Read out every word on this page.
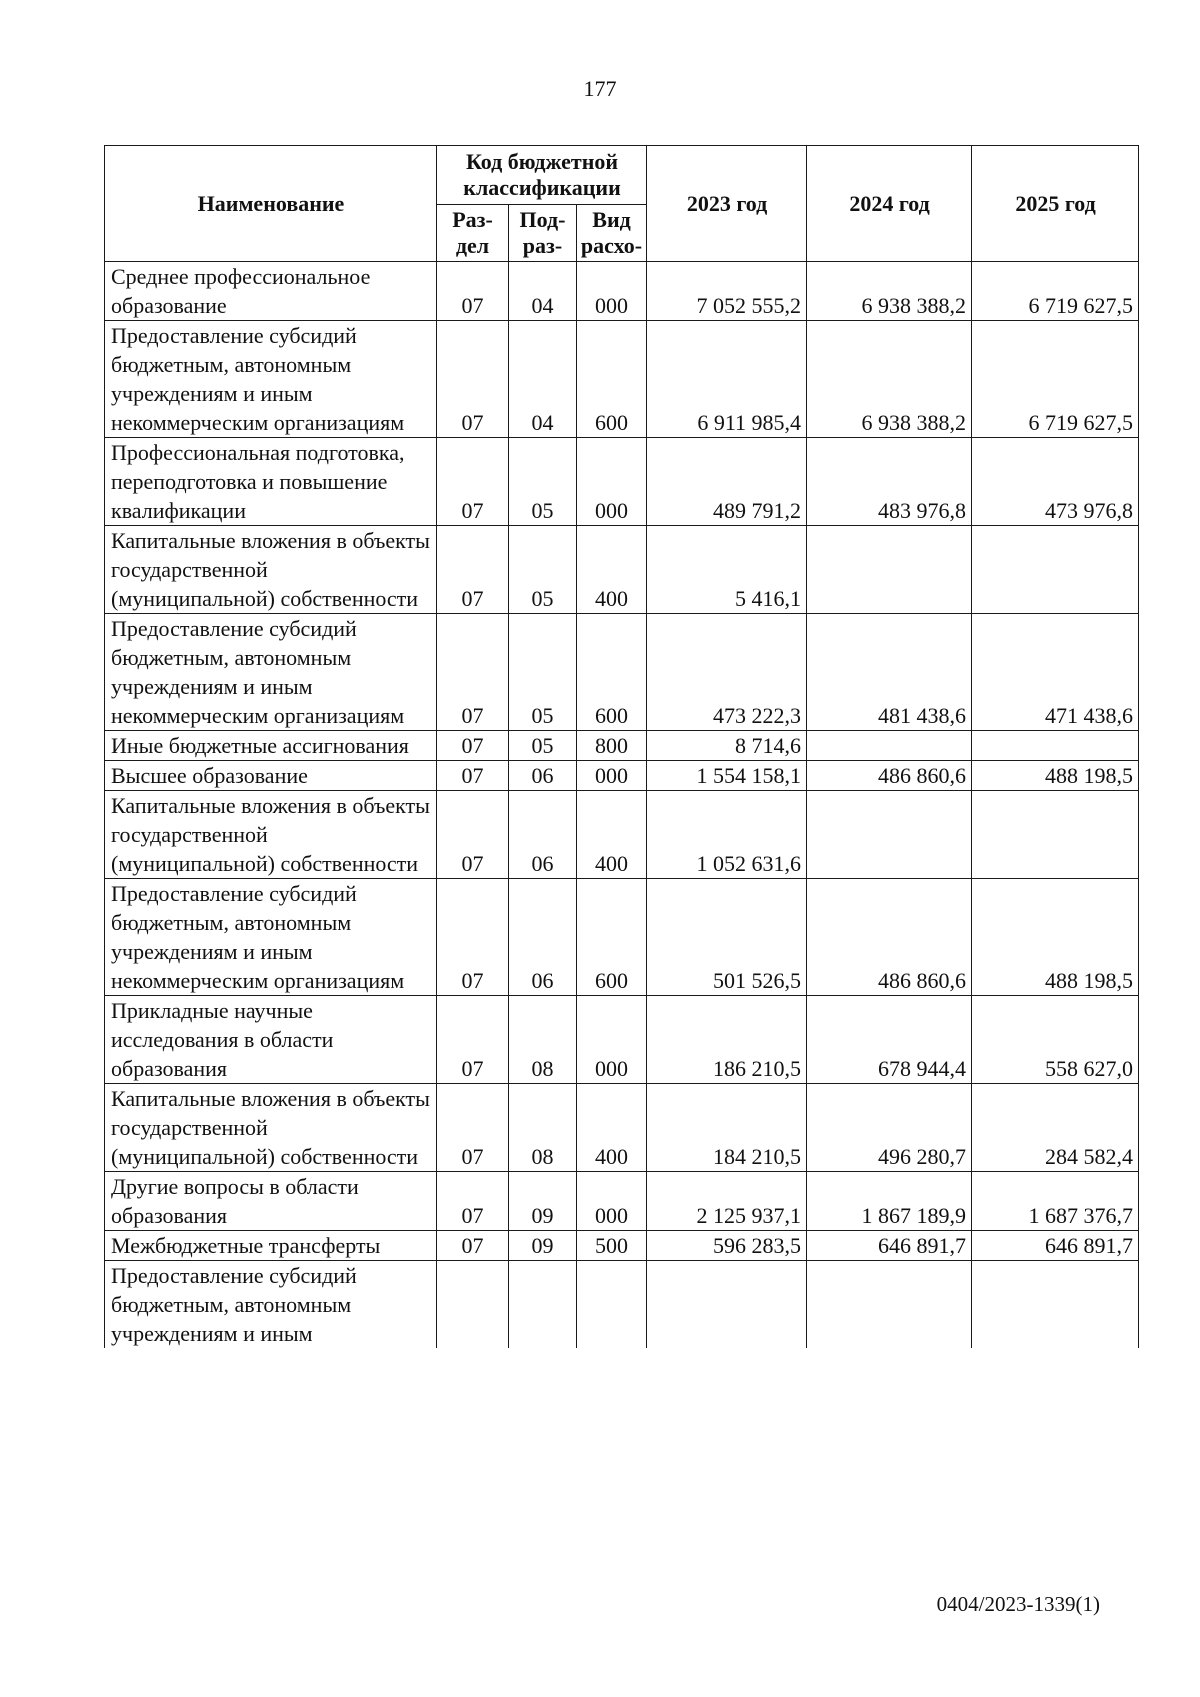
177
Наименование	Код бюджетной классификации			2023 год	2024 год	2025 год
	Раз-дел	Под-раз-	Вид расхо-			
Среднее профессиональное образование	07	04	000	7 052 555,2	6 938 388,2	6 719 627,5
Предоставление субсидий бюджетным, автономным учреждениям и иным некоммерческим организациям	07	04	600	6 911 985,4	6 938 388,2	6 719 627,5
Профессиональная подготовка, переподготовка и повышение квалификации	07	05	000	489 791,2	483 976,8	473 976,8
Капитальные вложения в объекты государственной (муниципальной) собственности	07	05	400	5 416,1		
Предоставление субсидий бюджетным, автономным учреждениям и иным некоммерческим организациям	07	05	600	473 222,3	481 438,6	471 438,6
Иные бюджетные ассигнования	07	05	800	8 714,6		
Высшее образование	07	06	000	1 554 158,1	486 860,6	488 198,5
Капитальные вложения в объекты государственной (муниципальной) собственности	07	06	400	1 052 631,6		
Предоставление субсидий бюджетным, автономным учреждениям и иным некоммерческим организациям	07	06	600	501 526,5	486 860,6	488 198,5
Прикладные научные исследования в области образования	07	08	000	186 210,5	678 944,4	558 627,0
Капитальные вложения в объекты государственной (муниципальной) собственности	07	08	400	184 210,5	496 280,7	284 582,4
Другие вопросы в области образования	07	09	000	2 125 937,1	1 867 189,9	1 687 376,7
Межбюджетные трансферты	07	09	500	596 283,5	646 891,7	646 891,7
Предоставление субсидий бюджетным, автономным учреждениям и иным						
0404/2023-1339(1)
